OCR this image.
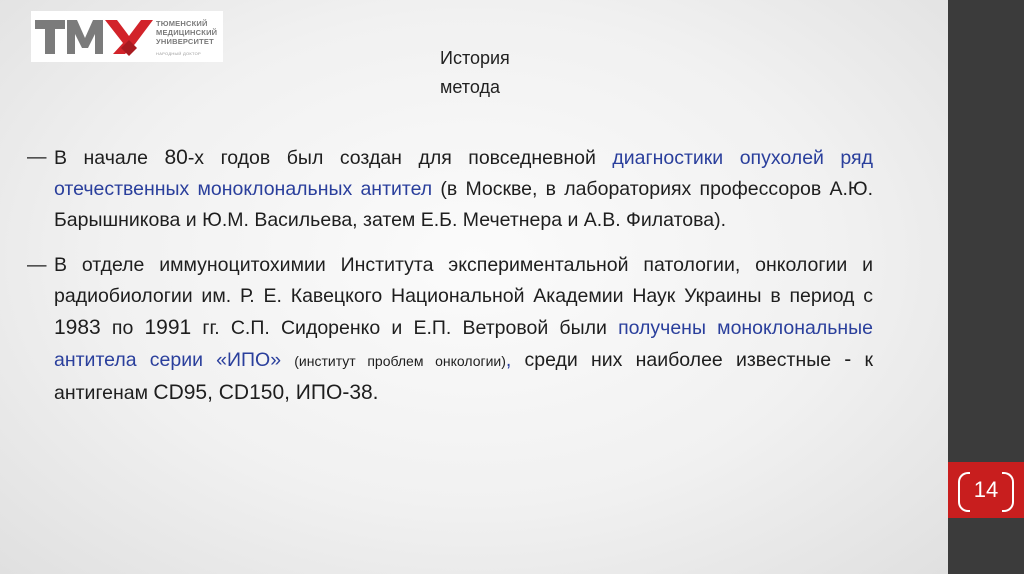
ТЮМЕНСКИЙ
МЕДИЦИНСКИЙ
УНИВЕРСИТЕТ
НАРОДНЫЙ ДОКТОР	История
метода

— В начале 80-х годов был создан для повседневной диагностики опухолей ряд отечественных моноклональных антител (в Москве, в лабораториях профессоров А.Ю. Барышникова и Ю.М. Васильева, затем Е.Б. Мечетнера и А.В. Филатова).

— В отделе иммуноцитохимии Института экспериментальной патологии, онкологии и радиобиологии им. Р. Е. Кавецкого Национальной Академии Наук Украины в период с 1983 по 1991 гг. С.П. Сидоренко и Е.П. Ветровой были получены моноклональные антитела серии «ИПО» (институт проблем онкологии), среди них наиболее известные - к антигенам CD95, CD150, ИПО-38.

14
